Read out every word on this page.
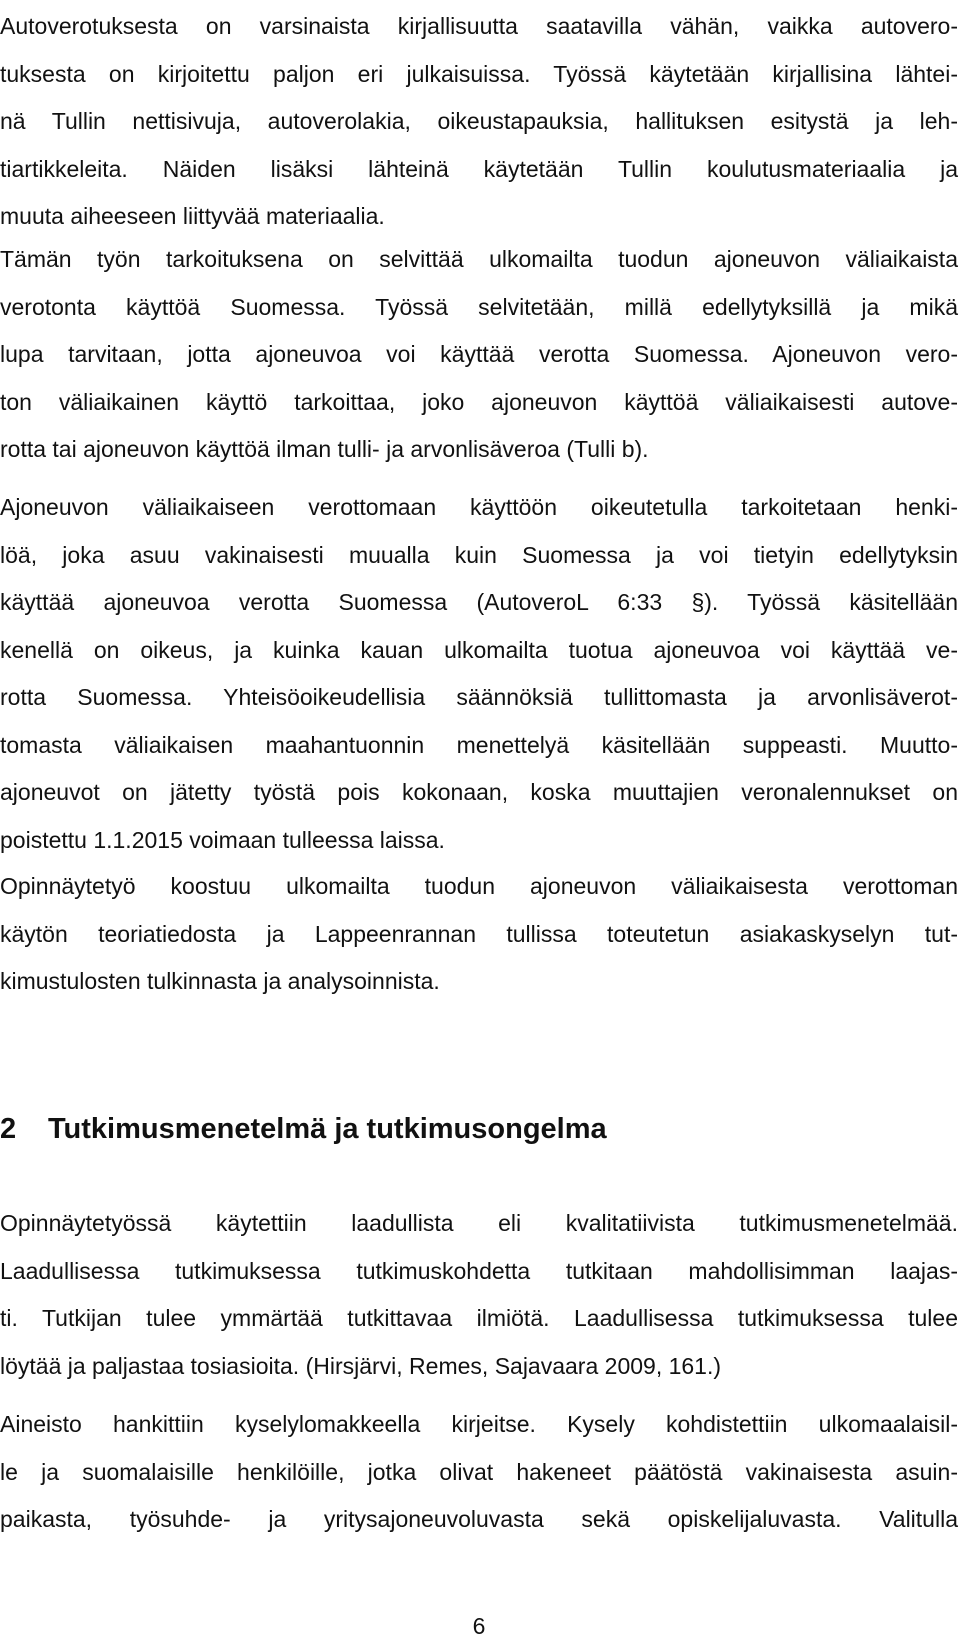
Autoverotuksesta on varsinaista kirjallisuutta saatavilla vähän, vaikka autovero-
tuksesta on kirjoitettu paljon eri julkaisuissa. Työssä käytetään kirjallisina lähtei-
nä Tullin nettisivuja, autoverolakia, oikeustapauksia, hallituksen esitystä ja leh-
tiartikkeleita. Näiden lisäksi lähteinä käytetään Tullin koulutusmateriaalia ja
muuta aiheeseen liittyvää materiaalia.
Tämän työn tarkoituksena on selvittää ulkomailta tuodun ajoneuvon väliaikaista
verotonta käyttöä Suomessa. Työssä selvitetään, millä edellytyksillä ja mikä
lupa tarvitaan, jotta ajoneuvoa voi käyttää verotta Suomessa. Ajoneuvon vero-
ton väliaikainen käyttö tarkoittaa, joko ajoneuvon käyttöä väliaikaisesti autove-
rotta tai ajoneuvon käyttöä ilman tulli- ja arvonlisäveroa (Tulli b).
Ajoneuvon väliaikaiseen verottomaan käyttöön oikeutetulla tarkoitetaan henki-
löä, joka asuu vakinaisesti muualla kuin Suomessa ja voi tietyin edellytyksin
käyttää ajoneuvoa verotta Suomessa (AutoveroL 6:33 §). Työssä käsitellään
kenellä on oikeus, ja kuinka kauan ulkomailta tuotua ajoneuvoa voi käyttää ve-
rotta Suomessa. Yhteisöoikeudellisia säännöksiä tullittomasta ja arvonlisäverot-
tomasta väliaikaisen maahantuonnin menettelyä käsitellään suppeasti. Muutto-
ajoneuvot on jätetty työstä pois kokonaan, koska muuttajien veronalennukset on
poistettu 1.1.2015 voimaan tulleessa laissa.
Opinnäytetyö koostuu ulkomailta tuodun ajoneuvon väliaikaisesta verottoman
käytön teoriatiedosta ja Lappeenrannan tullissa toteutetun asiakaskyselyn tut-
kimustulosten tulkinnasta ja analysoinnista.
2 Tutkimusmenetelmä ja tutkimusongelma
Opinnäytetyössä käytettiin laadullista eli kvalitatiivista tutkimusmenetelmää.
Laadullisessa tutkimuksessa tutkimuskohdetta tutkitaan mahdollisimman laajas-
ti. Tutkijan tulee ymmärtää tutkittavaa ilmiötä. Laadullisessa tutkimuksessa tulee
löytää ja paljastaa tosiasioita. (Hirsjärvi, Remes, Sajavaara 2009, 161.)
Aineisto hankittiin kyselylomakkeella kirjeitse. Kysely kohdistettiin ulkomaalaisil-
le ja suomalaisille henkilöille, jotka olivat hakeneet päätöstä vakinaisesta asuin-
paikasta, työsuhde- ja yritysajoneuvoluvasta sekä opiskelijaluvasta. Valitulla
6
